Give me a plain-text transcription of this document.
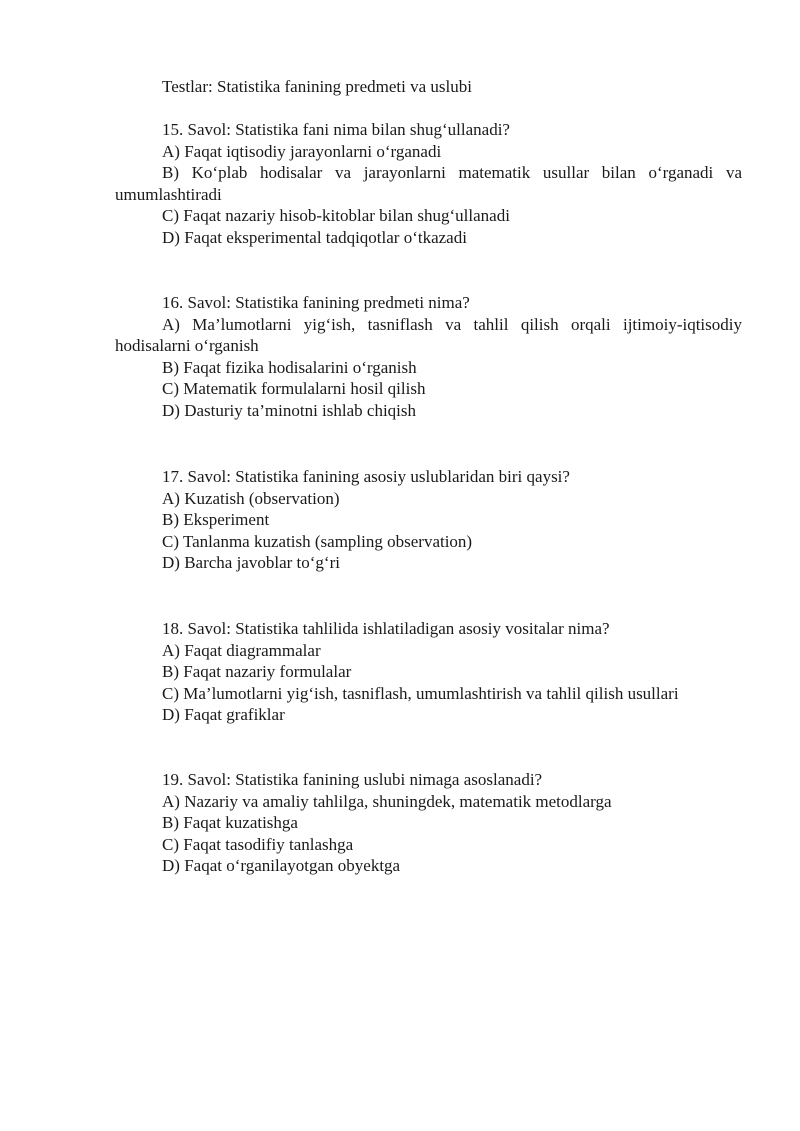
Testlar: Statistika fanining predmeti va uslubi

15. Savol: Statistika fani nima bilan shug‘ullanadi?

A) Faqat iqtisodiy jarayonlarni o‘rganadi

B) Ko‘plab hodisalar va jarayonlarni matematik usullar bilan o‘rganadi va umumlashtiradi

C) Faqat nazariy hisob-kitoblar bilan shug‘ullanadi

D) Faqat eksperimental tadqiqotlar o‘tkazadi

16. Savol: Statistika fanining predmeti nima?

A) Ma’lumotlarni yig‘ish, tasniflash va tahlil qilish orqali ijtimoiy-iqtisodiy hodisalarni o‘rganish

B) Faqat fizika hodisalarini o‘rganish

C) Matematik formulalarni hosil qilish

D) Dasturiy ta’minotni ishlab chiqish

17. Savol: Statistika fanining asosiy uslublaridan biri qaysi?

A) Kuzatish (observation)

B) Eksperiment

C) Tanlanma kuzatish (sampling observation)

D) Barcha javoblar to‘g‘ri

18. Savol: Statistika tahlilida ishlatiladigan asosiy vositalar nima?

A) Faqat diagrammalar

B) Faqat nazariy formulalar

C) Ma’lumotlarni yig‘ish, tasniflash, umumlashtirish va tahlil qilish usullari

D) Faqat grafiklar

19. Savol: Statistika fanining uslubi nimaga asoslanadi?

A) Nazariy va amaliy tahlilga, shuningdek, matematik metodlarga

B) Faqat kuzatishga

C) Faqat tasodifiy tanlashga

D) Faqat o‘rganilayotgan obyektga
